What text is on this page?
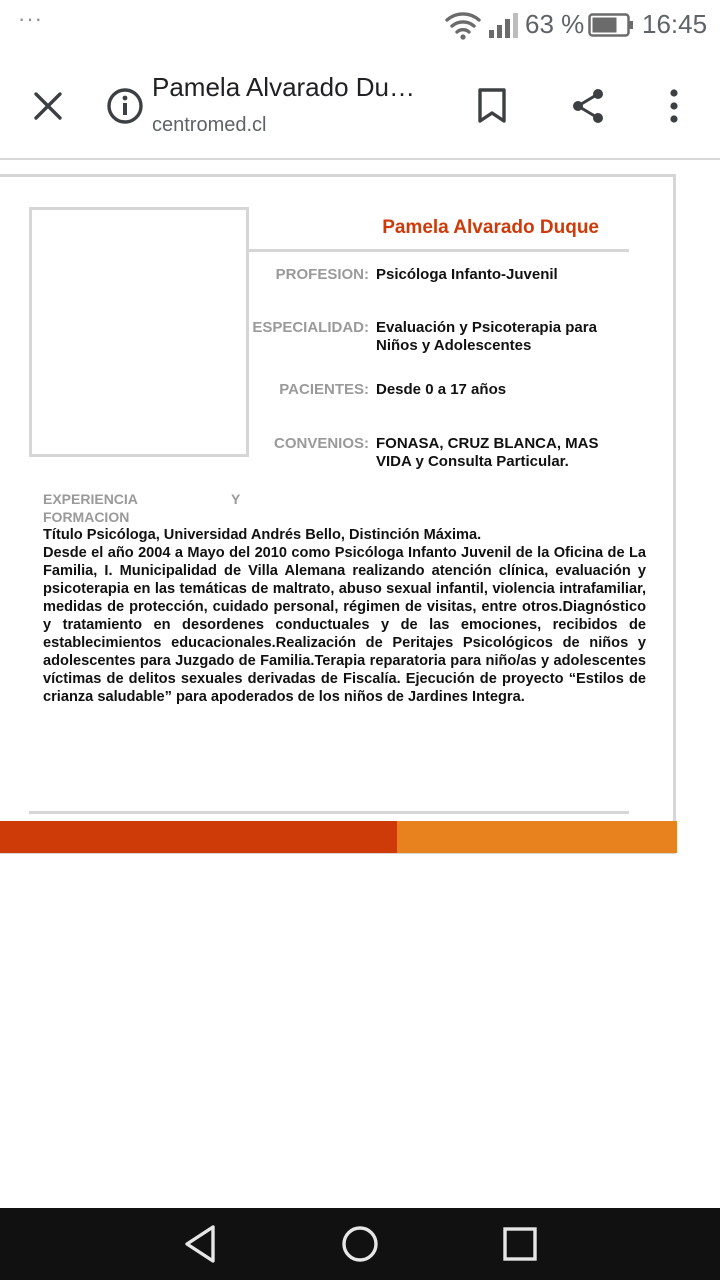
···	63 % 16:45
Pamela Alvarado Du…
centromed.cl
Pamela Alvarado Duque
PROFESION: Psicóloga Infanto-Juvenil
ESPECIALIDAD: Evaluación y Psicoterapia para Niños y Adolescentes
PACIENTES: Desde 0 a 17 años
CONVENIOS: FONASA, CRUZ BLANCA, MAS VIDA y Consulta Particular.
EXPERIENCIA	Y

FORMACION
Título Psicóloga, Universidad Andrés Bello, Distinción Máxima.
Desde el año 2004 a Mayo del 2010 como Psicóloga Infanto Juvenil de la Oficina de La Familia, I. Municipalidad de Villa Alemana realizando atención clínica, evaluación y psicoterapia en las temáticas de maltrato, abuso sexual infantil, violencia intrafamiliar, medidas de protección, cuidado personal, régimen de visitas, entre otros.Diagnóstico y tratamiento en desordenes conductuales y de las emociones, recibidos de establecimientos educacionales.Realización de Peritajes Psicológicos de niños y adolescentes para Juzgado de Familia.Terapia reparatoria para niño/as y adolescentes víctimas de delitos sexuales derivadas de Fiscalía. Ejecución de proyecto “Estilos de crianza saludable” para apoderados de los niños de Jardines Integra.
